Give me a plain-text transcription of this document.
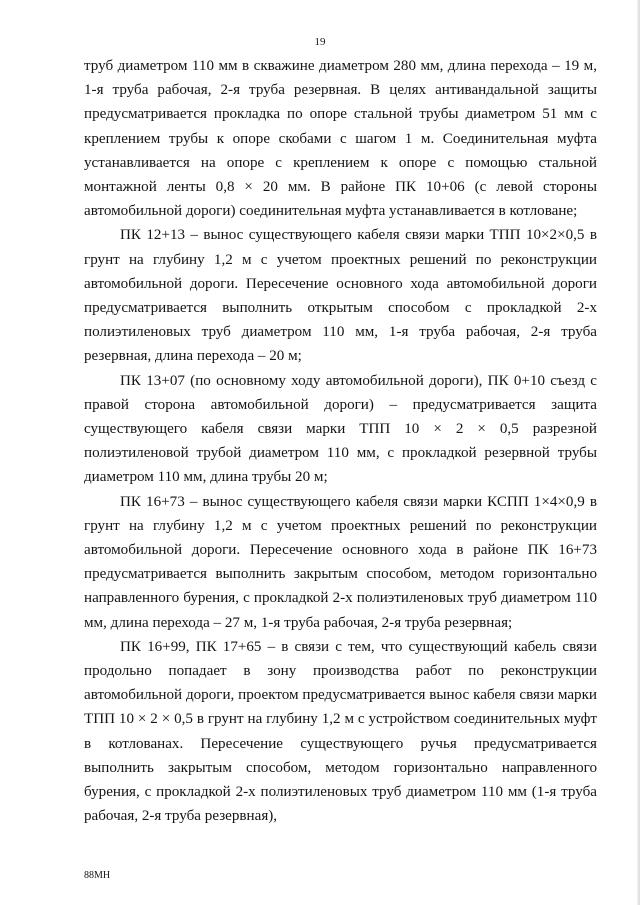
19

труб диаметром 110 мм в скважине диаметром 280 мм, длина перехода – 19 м, 1-я труба рабочая, 2-я труба резервная. В целях антивандальной защиты предусматривается прокладка по опоре стальной трубы диаметром 51 мм с креплением трубы к опоре скобами с шагом 1 м. Соединительная муфта устанавливается на опоре с креплением к опоре с помощью стальной монтажной ленты 0,8 × 20 мм. В районе ПК 10+06 (с левой стороны автомобильной дороги) соединительная муфта устанавливается в котловане;

ПК 12+13 – вынос существующего кабеля связи марки ТПП 10×2×0,5 в грунт на глубину 1,2 м с учетом проектных решений по реконструкции автомобильной дороги. Пересечение основного хода автомобильной дороги предусматривается выполнить открытым способом с прокладкой 2-х полиэтиленовых труб диаметром 110 мм, 1-я труба рабочая, 2-я труба резервная, длина перехода – 20 м;

ПК 13+07 (по основному ходу автомобильной дороги), ПК 0+10 съезд с правой сторона автомобильной дороги) – предусматривается защита существующего кабеля связи марки ТПП 10 × 2 × 0,5 разрезной полиэтиленовой трубой диаметром 110 мм, с прокладкой резервной трубы диаметром 110 мм, длина трубы 20 м;

ПК 16+73 – вынос существующего кабеля связи марки КСПП 1×4×0,9 в грунт на глубину 1,2 м с учетом проектных решений по реконструкции автомобильной дороги. Пересечение основного хода в районе ПК 16+73 предусматривается выполнить закрытым способом, методом горизонтально направленного бурения, с прокладкой 2-х полиэтиленовых труб диаметром 110 мм, длина перехода – 27 м, 1-я труба рабочая, 2-я труба резервная;

ПК 16+99, ПК 17+65 – в связи с тем, что существующий кабель связи продольно попадает в зону производства работ по реконструкции автомобильной дороги, проектом предусматривается вынос кабеля связи марки ТПП 10 × 2 × 0,5 в грунт на глубину 1,2 м с устройством соединительных муфт в котлованах. Пересечение существующего ручья предусматривается выполнить закрытым способом, методом горизонтально направленного бурения, с прокладкой 2-х полиэтиленовых труб диаметром 110 мм (1-я труба рабочая, 2-я труба резервная),

88МН
